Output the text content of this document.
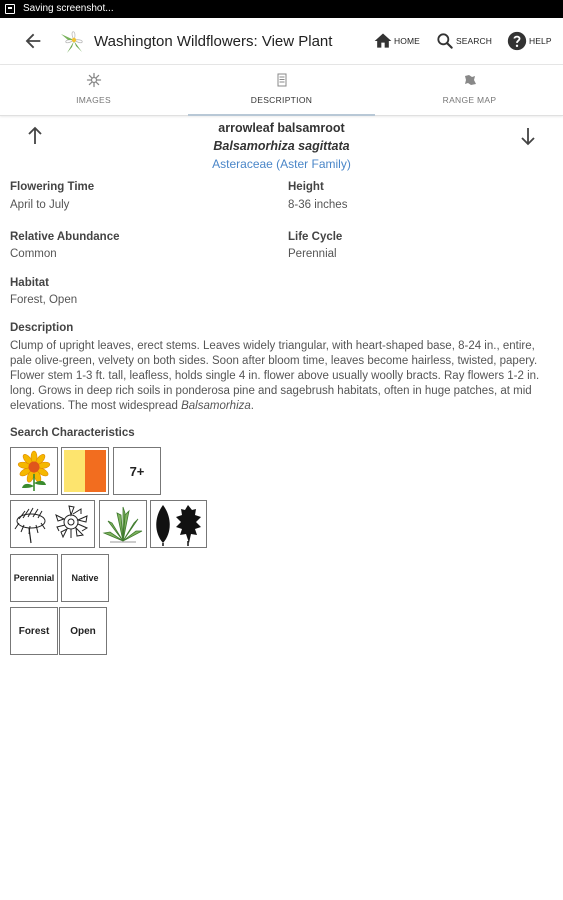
Saving screenshot...
Washington Wildflowers: View Plant	HOME	SEARCH	HELP
IMAGES	DESCRIPTION	RANGE MAP
arrowleaf balsamroot
Balsamorhiza sagittata
Asteraceae (Aster Family)
Flowering Time
April to July
Height
8-36 inches
Relative Abundance
Common
Life Cycle
Perennial
Habitat
Forest, Open
Description
Clump of upright leaves, erect stems. Leaves widely triangular, with heart-shaped base, 8-24 in., entire, pale olive-green, velvety on both sides. Soon after bloom time, leaves become hairless, twisted, papery. Flower stem 1-3 ft. tall, leafless, holds single 4 in. flower above usually woolly bracts. Ray flowers 1-2 in. long. Grows in deep rich soils in ponderosa pine and sagebrush habitats, often in huge patches, at mid elevations. The most widespread Balsamorhiza.
Search Characteristics
7+
Perennial	Native
Forest	Open
